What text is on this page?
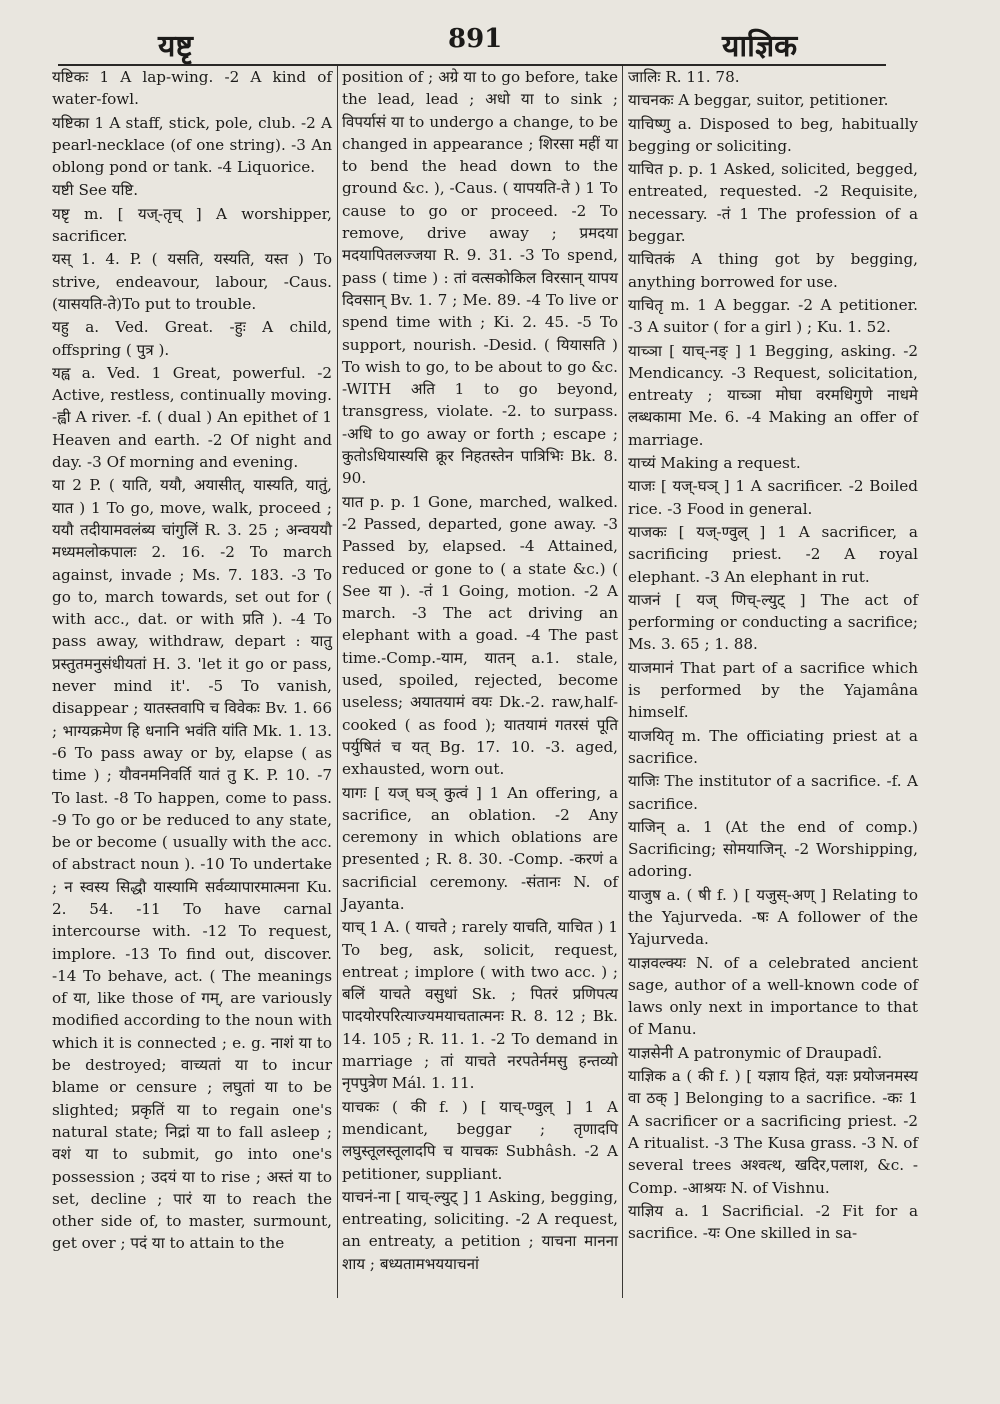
यष्टृ	891	याज्ञिक

यष्टिकः 1 A lap-wing. -2 A kind of water-fowl.

यष्टिका 1 A staff, stick, pole, club. -2 A pearl-necklace (of one string). -3 An oblong pond or tank. -4 Liquorice.

यष्टी See यष्टि.

यष्टृ m. [ यज्-तृच् ] A worshipper, sacrificer.

यस् 1. 4. P. ( यसति, यस्यति, यस्त ) To strive, endeavour, labour, -Caus.(यासयति-ते)To put to trouble.

यहु a. Ved. Great. -हुः A child, offspring ( पुत्र ).

यह्व a. Ved. 1 Great, powerful. -2 Active, restless, continually moving. -ह्वी A river. -f. ( dual ) An epithet of 1 Heaven and earth. -2 Of night and day. -3 Of morning and evening.

या 2 P. ( याति, ययौ, अयासीत्, यास्यति, यातुं, यात ) 1 To go, move, walk, proceed ; ययौ तदीयामवलंब्य चांगुलिं R. 3. 25 ; अन्वययौ मध्यमलोकपालः 2. 16. -2 To march against, invade ; Ms. 7. 183. -3 To go to, march towards, set out for ( with acc., dat. or with प्रति ). -4 To pass away, withdraw, depart : यातु प्रस्तुतमनुसंधीयतां H. 3. 'let it go or pass, never mind it'. -5 To vanish, disappear ; यातस्तवापि च विवेकः Bv. 1. 66 ; भाग्यक्रमेण हि धनानि भवंति यांति Mk. 1. 13. -6 To pass away or by, elapse ( as time ) ; यौवनमनिवर्ति यातं तु K. P. 10. -7 To last. -8 To happen, come to pass. -9 To go or be reduced to any state, be or become ( usually with the acc. of abstract noun ). -10 To undertake ; न स्वस्य सिद्धौ यास्यामि सर्वव्यापारमात्मना Ku. 2. 54. -11 To have carnal intercourse with. -12 To request, implore. -13 To find out, discover. -14 To behave, act. ( The meanings of या, like those of गम्, are variously modified according to the noun with which it is connected ; e. g. नाशं या to be destroyed; वाच्यतां या to incur blame or censure ; लघुतां या to be slighted; प्रकृतिं या to regain one's natural state; निद्रां या to fall asleep ; वशं या to submit, go into one's possession ; उदयं या to rise ; अस्तं या to set, decline ; पारं या to reach the other side of, to master, surmount, get over ; पदं या to attain to the

position of ; अग्रे या to go before, take the lead, lead ; अधो या to sink ; विपर्यासं या to undergo a change, to be changed in appearance ; शिरसा महीं या to bend the head down to the ground &c. ), -Caus. ( यापयति-ते ) 1 To cause to go or proceed. -2 To remove, drive away ; प्रमदया मदयापितलज्जया R. 9. 31. -3 To spend, pass ( time ) : तां वत्सकोकिल विरसान् यापय दिवसान् Bv. 1. 7 ; Me. 89. -4 To live or spend time with ; Ki. 2. 45. -5 To support, nourish. -Desid. ( यियासति ) To wish to go, to be about to go &c. -WITH अति 1 to go beyond, transgress, violate. -2. to surpass. -अधि to go away or forth ; escape ; कुतोऽधियास्यसि क्रूर निहतस्तेन पात्रिभिः Bk. 8. 90.

यात p. p. 1 Gone, marched, walked. -2 Passed, departed, gone away. -3 Passed by, elapsed. -4 Attained, reduced or gone to ( a state &c.) ( See या ). -तं 1 Going, motion. -2 A march. -3 The act driving an elephant with a goad. -4 The past time.-Comp.-याम, यातन् a.1. stale, used, spoiled, rejected, become useless; अयातयामं वयः Dk.-2. raw,half-cooked ( as food ); यातयामं गतरसं पूति पर्युषितं च यत् Bg. 17. 10. -3. aged, exhausted, worn out.

यागः [ यज् घञ् कुत्वं ] 1 An offering, a sacrifice, an oblation. -2 Any ceremony in which oblations are presented ; R. 8. 30. -Comp. -करणं a sacrificial ceremony. -संतानः N. of Jayanta.

याच् 1 A. ( याचते ; rarely याचति, याचित ) 1 To beg, ask, solicit, request, entreat ; implore ( with two acc. ) ; बलिं याचते वसुधां Sk. ; पितरं प्रणिपत्य पादयोरपरित्याज्यमयाचतात्मनः R. 8. 12 ; Bk. 14. 105 ; R. 11. 1. -2 To demand in marriage ; तां याचते नरपतेर्नमसु हन्तव्यो नृपपुत्रेण Mál. 1. 11.

याचकः ( की f. ) [ याच्-ण्वुल् ] 1 A mendicant, beggar ; तृणादपि लघुस्तूलस्तूलादपि च याचकः Subhâsh. -2 A petitioner, suppliant.

याचनं-ना [ याच्-ल्युट् ] 1 Asking, begging, entreating, soliciting. -2 A request, an entreaty, a petition ; याचना मानना शाय ; बध्यतामभययाचनां

जालिः R. 11. 78.

याचनकः A beggar, suitor, petitioner.

याचिष्णु a. Disposed to beg, habitually begging or soliciting.

याचित p. p. 1 Asked, solicited, begged, entreated, requested. -2 Requisite, necessary. -तं 1 The profession of a beggar.

याचितकं A thing got by begging, anything borrowed for use.

याचितृ m. 1 A beggar. -2 A petitioner. -3 A suitor ( for a girl ) ; Ku. 1. 52.

याच्ञा [ याच्-नङ् ] 1 Begging, asking. -2 Mendicancy. -3 Request, solicitation, entreaty ; याच्ञा मोघा वरमधिगुणे नाधमे लब्धकामा Me. 6. -4 Making an offer of marriage.

याच्यं Making a request.

याजः [ यज्-घञ् ] 1 A sacrificer. -2 Boiled rice. -3 Food in general.

याजकः [ यज्-ण्वुल् ] 1 A sacrificer, a sacrificing priest. -2 A royal elephant. -3 An elephant in rut.

याजनं [ यज् णिच्-ल्युट् ] The act of performing or conducting a sacrifice; Ms. 3. 65 ; 1. 88.

याजमानं That part of a sacrifice which is performed by the Yajamâna himself.

याजयितृ m. The officiating priest at a sacrifice.

याजिः The institutor of a sacrifice. -f. A sacrifice.

याजिन् a. 1 (At the end of comp.) Sacrificing; सोमयाजिन्. -2 Worshipping, adoring.

याजुष a. ( षी f. ) [ यजुस्-अण् ] Relating to the Yajurveda. -षः A follower of the Yajurveda.

याज्ञवल्क्यः N. of a celebrated ancient sage, author of a well-known code of laws only next in importance to that of Manu.

याज्ञसेनी A patronymic of Draupadî.

याज्ञिक a ( की f. ) [ यज्ञाय हितं, यज्ञः प्रयोजनमस्य वा ठक् ] Belonging to a sacrifice. -कः 1 A sacrificer or a sacrificing priest. -2 A ritualist. -3 The Kusa grass. -3 N. of several trees अश्वत्थ, खदिर,पलाश, &c. -Comp. -आश्रयः N. of Vishnu.

याज्ञिय a. 1 Sacrificial. -2 Fit for a sacrifice. -यः One skilled in sa-
